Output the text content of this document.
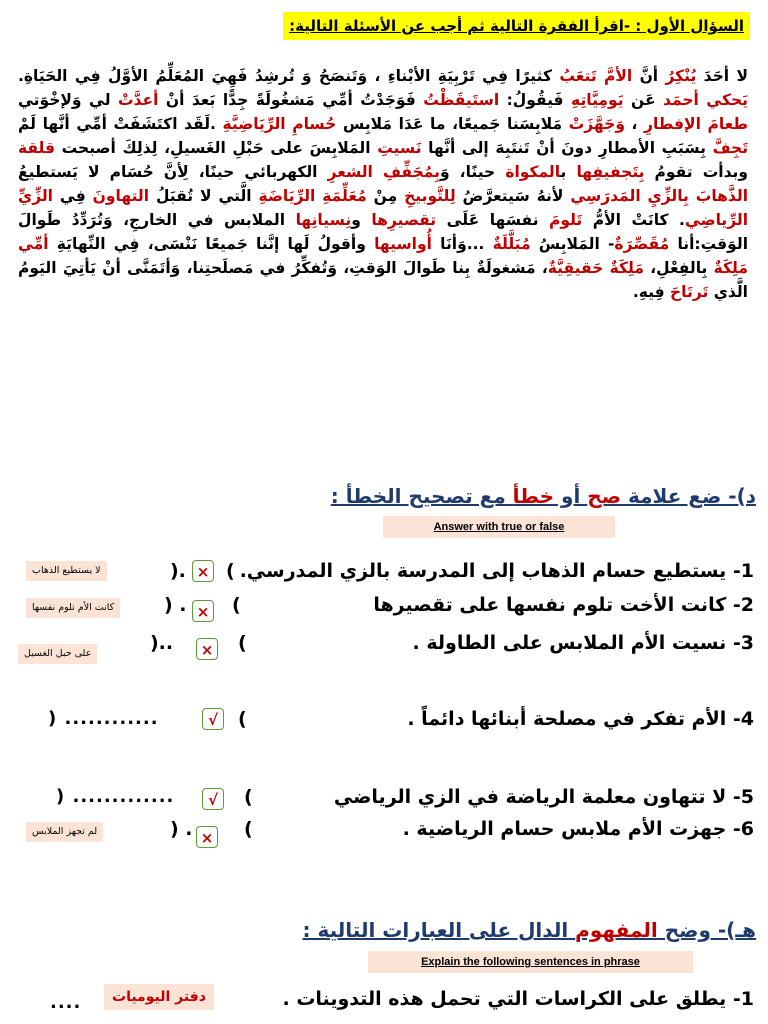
السؤال الأول : -اقرأ الفقرة التالية ثم أجب عن الأسئلة التالية:
لا أحَدَ يُنْكِرُ أنَّ الأمَّ تَتعَبُ كثيرًا فِي تَرْبِيَةِ الأبْناءِ ، وَتَنصَحُ وَ تُرشِدُ فَهِيَ المُعَلِّمُ الأوَّلُ فِي الحَيَاةِ. يَحكي أحمَد عَن يَومِيَّاتِهِ فَيقُولُ: استَيقَظْتُ فَوَجَدْتُ أمِّي مَشغُولَةً جِدًّا بَعدَ أنْ أعدَّتْ لي وَلإخْوَتي طعامَ الإفطارِ ، وَجَهَّزَتْ مَلابِسَنا جَميعًا، ما عَدَا مَلابِس حُسامِ الرِّيَاضِيَّةِ .لَقَد اكتَشَفَتْ أمِّي أنَّها لَمْ تَجِفَّ بِسَبَبِ الأمطارِ دونَ أنْ تَنتَبِهَ إلى أنَّها نَسيتِ المَلابِسَ على حَبْلِ الغَسيلِ، لِذلِكَ أصبحت قلقة وبدأت تقومُ بِتَجفيفِها بالمكواة حينًا، وَبِمُجَفِّفِ الشعرِ الكهربائي حينًا، لِأنَّ حُسَام لا يَستطيعُ الذَّهابَ بِالزِّيِ المَدرَسِي لأنهُ سَيتعرَّضُ لِلتَّوبيخِ مِنْ مُعَلِّمَةِ الرِّيَاضَةِ الَّتي لا تُقبَلُ التهاونَ فِي الزِّيِّ الرِّياضِي. كانَتْ الأمُّ تَلومَ نفسَها عَلَى تقصيرِها ونِسيانِها الملابس في الخارجِ، وَتُرَدِّدُ طَوالَ الوَقتِ:أنا مُقَصِّرَةٌ- المَلابِسُ مُبَلَّلَةٌ ...وَأنَا أُواسيها وأقولُ لَها إنَّنا جَميعًا نَنْسَى، فِي النِّهايَةِ أمِّي مَلِكَةٌ بِالفِعْلِ، مَلِكَةٌ حَقيقِيَّةٌ، مَشغولَةٌ بِنا طَوالَ الوَقتِ، وَتُفكِّرُ في مَصلَحتِنا، وَأتَمَنَّى أنْ يَأتِيَ اليَومُ الَّذي تَرتَاحَ فِيهِ.
د)- ضع علامة صح أو خطأ مع تصحيح الخطأ :
Answer with true or false
1- يستطيع حسام الذهاب إلى المدرسة بالزي المدرسي.
(
×
).
لا يستطيع الذهاب
2- كانت الأخت تلوم نفسها على تقصيرها
(
×
) .
كانت الأم تلوم نفسها
3- نسيت الأم الملابس على الطاولة .
(
×
)..
على حبل الغسيل
4- الأم تفكر في مصلحة أبنائها دائماً .
(
√
) ............
5- لا تتهاون معلمة الرياضة في الزي الرياضي
(
√
) .............
6- جهزت الأم ملابس حسام الرياضية .
(
×
) .
لم تجهز الملابس
هـ)- وضح المفهوم الدال على العبارات التالية :
Explain the following sentences in phrase
1- يطلق على الكراسات التي تحمل هذه التدوينات .
دفتر اليوميات
....
